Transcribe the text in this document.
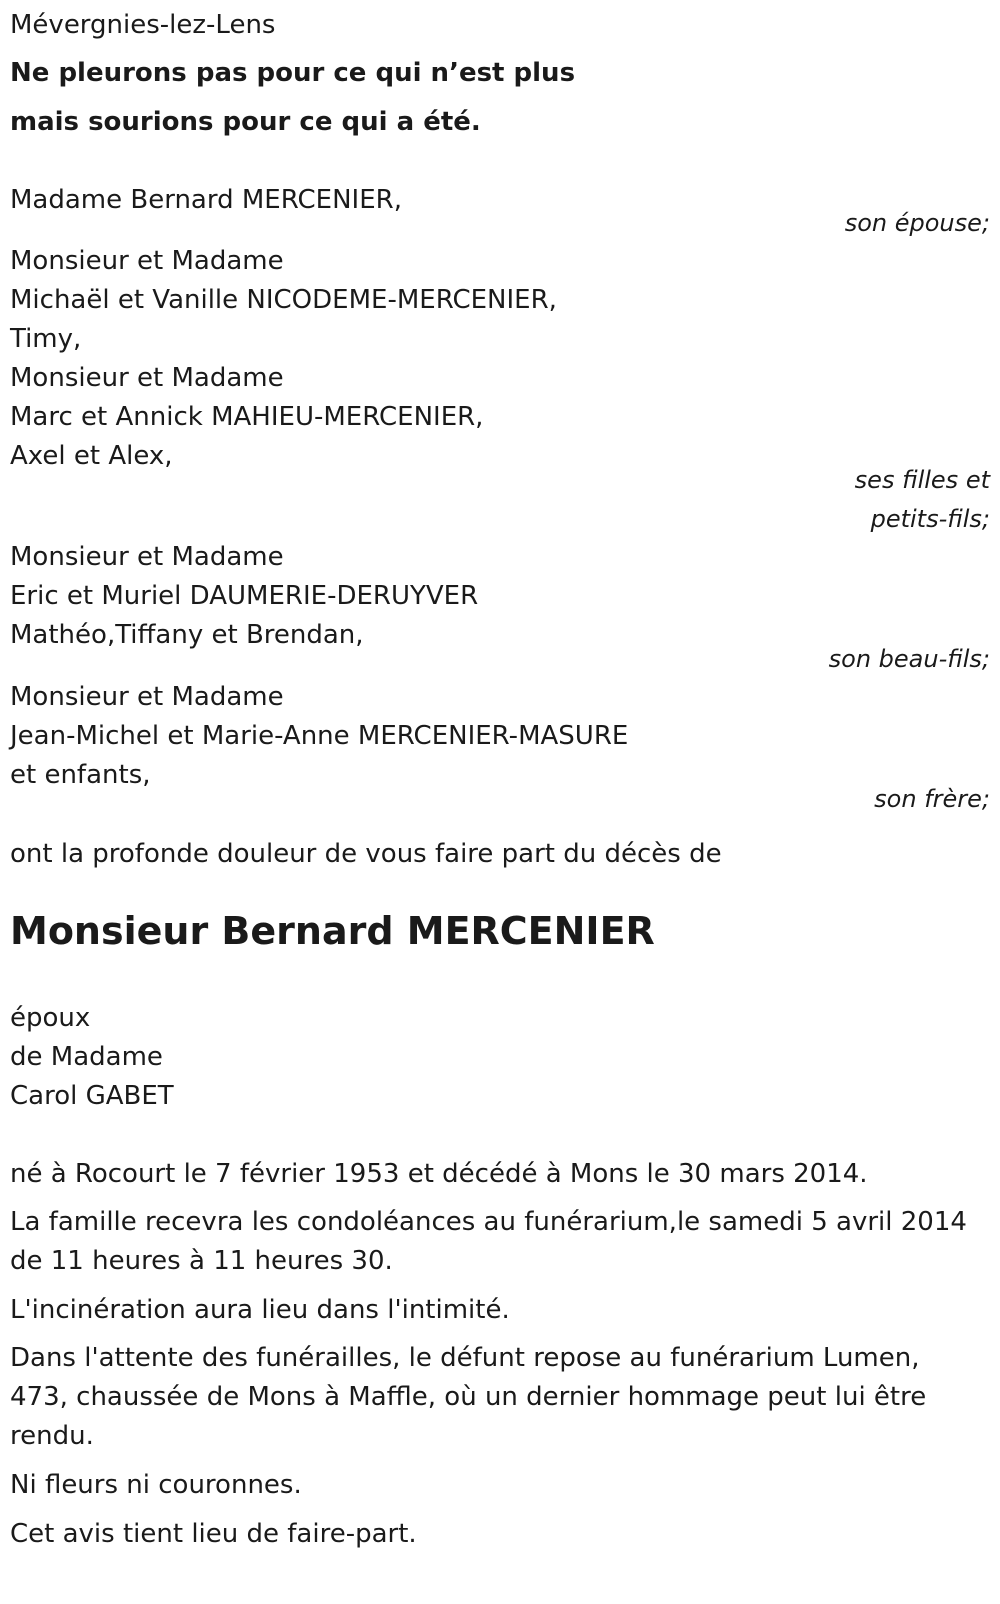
Mévergnies-lez-Lens
Ne pleurons pas pour ce qui n’est plus
mais sourions pour ce qui a été.
Madame Bernard MERCENIER,
son épouse;
Monsieur et Madame
Michaël et Vanille NICODEME-MERCENIER,
Timy,
Monsieur et Madame
Marc et Annick MAHIEU-MERCENIER,
Axel et Alex,
ses filles et
petits-fils;
Monsieur et Madame
Eric et Muriel DAUMERIE-DERUYVER
Mathéo,Tiffany et Brendan,
son beau-fils;
Monsieur et Madame
Jean-Michel et Marie-Anne MERCENIER-MASURE
et enfants,
son frère;
ont la profonde douleur de vous faire part du décès de
Monsieur Bernard MERCENIER
époux
de Madame
Carol GABET
né à Rocourt le 7 février 1953 et décédé à Mons le 30 mars 2014.
La famille recevra les condoléances au funérarium,le samedi 5 avril 2014
de 11 heures à 11 heures 30.
L'incinération aura lieu dans l'intimité.
Dans l'attente des funérailles, le défunt repose au funérarium Lumen,
473, chaussée de Mons à Maffle, où un dernier hommage peut lui être
rendu.
Ni fleurs ni couronnes.
Cet avis tient lieu de faire-part.
